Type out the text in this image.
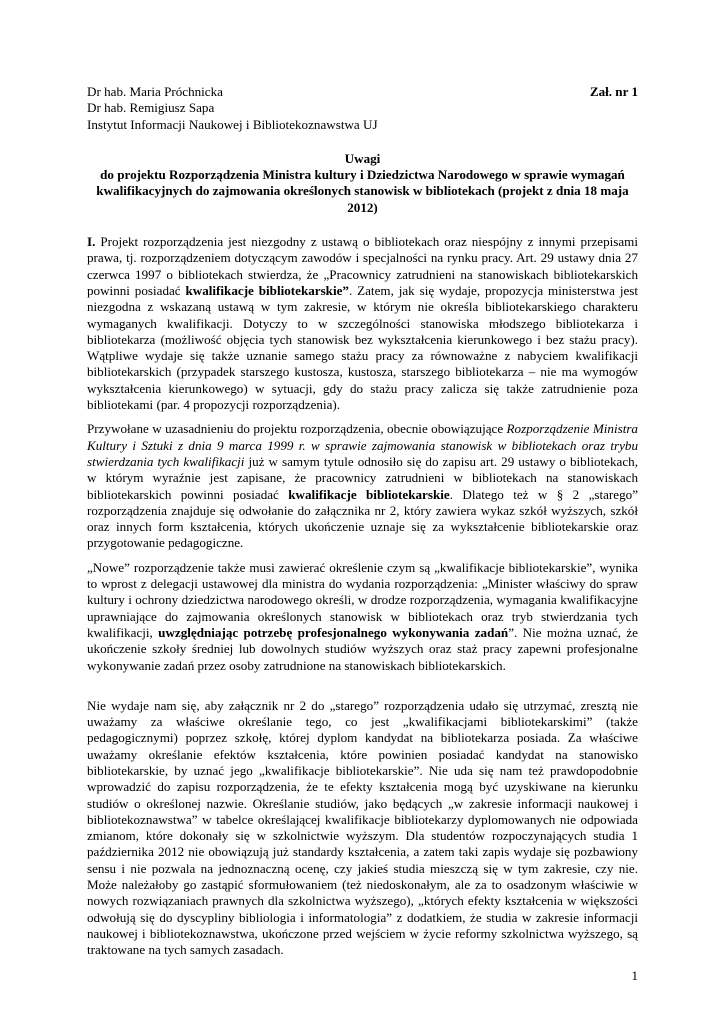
Dr hab. Maria Próchnicka
Dr hab. Remigiusz Sapa
Instytut Informacji Naukowej i Bibliotekoznawstwa UJ
Zał. nr 1
Uwagi
do projektu Rozporządzenia Ministra kultury i Dziedzictwa Narodowego w sprawie wymagań kwalifikacyjnych do zajmowania określonych stanowisk w bibliotekach (projekt z dnia 18 maja 2012)

I. Projekt rozporządzenia jest niezgodny z ustawą o bibliotekach oraz niespójny z innymi przepisami prawa, tj. rozporządzeniem dotyczącym zawodów i specjalności na rynku pracy. Art. 29 ustawy dnia 27 czerwca 1997 o bibliotekach stwierdza, że „Pracownicy zatrudnieni na stanowiskach bibliotekarskich powinni posiadać kwalifikacje bibliotekarskie”. Zatem, jak się wydaje, propozycja ministerstwa jest niezgodna z wskazaną ustawą w tym zakresie, w którym nie określa bibliotekarskiego charakteru wymaganych kwalifikacji. Dotyczy to w szczególności stanowiska młodszego bibliotekarza i bibliotekarza (możliwość objęcia tych stanowisk bez wykształcenia kierunkowego i bez stażu pracy). Wątpliwe wydaje się także uznanie samego stażu pracy za równoważne z nabyciem kwalifikacji bibliotekarskich (przypadek starszego kustosza, kustosza, starszego bibliotekarza – nie ma wymogów wykształcenia kierunkowego) w sytuacji, gdy do stażu pracy zalicza się także zatrudnienie poza bibliotekami (par. 4 propozycji rozporządzenia).

Przywołane w uzasadnieniu do projektu rozporządzenia, obecnie obowiązujące Rozporządzenie Ministra Kultury i Sztuki z dnia 9 marca 1999 r. w sprawie zajmowania stanowisk w bibliotekach oraz trybu stwierdzania tych kwalifikacji już w samym tytule odnosiło się do zapisu art. 29 ustawy o bibliotekach, w którym wyraźnie jest zapisane, że pracownicy zatrudnieni w bibliotekach na stanowiskach bibliotekarskich powinni posiadać kwalifikacje bibliotekarskie. Dlatego też w § 2 „starego” rozporządzenia znajduje się odwołanie do załącznika nr 2, który zawiera wykaz szkół wyższych, szkół oraz innych form kształcenia, których ukończenie uznaje się za wykształcenie bibliotekarskie oraz przygotowanie pedagogiczne.

„Nowe” rozporządzenie także musi zawierać określenie czym są „kwalifikacje bibliotekarskie”, wynika to wprost z delegacji ustawowej dla ministra do wydania rozporządzenia: „Minister właściwy do spraw kultury i ochrony dziedzictwa narodowego określi, w drodze rozporządzenia, wymagania kwalifikacyjne uprawniające do zajmowania określonych stanowisk w bibliotekach oraz tryb stwierdzania tych kwalifikacji, uwzględniając potrzebę profesjonalnego wykonywania zadań”. Nie można uznać, że ukończenie szkoły średniej lub dowolnych studiów wyższych oraz staż pracy zapewni profesjonalne wykonywanie zadań przez osoby zatrudnione na stanowiskach bibliotekarskich.

Nie wydaje nam się, aby załącznik nr 2 do „starego” rozporządzenia udało się utrzymać, zresztą nie uważamy za właściwe określanie tego, co jest „kwalifikacjami bibliotekarskimi” (także pedagogicznymi) poprzez szkołę, której dyplom kandydat na bibliotekarza posiada. Za właściwe uważamy określanie efektów kształcenia, które powinien posiadać kandydat na stanowisko bibliotekarskie, by uznać jego „kwalifikacje bibliotekarskie”. Nie uda się nam też prawdopodobnie wprowadzić do zapisu rozporządzenia, że te efekty kształcenia mogą być uzyskiwane na kierunku studiów o określonej nazwie. Określanie studiów, jako będących „w zakresie informacji naukowej i bibliotekoznawstwa” w tabelce określającej kwalifikacje bibliotekarzy dyplomowanych nie odpowiada zmianom, które dokonały się w szkolnictwie wyższym. Dla studentów rozpoczynających studia 1 października 2012 nie obowiązują już standardy kształcenia, a zatem taki zapis wydaje się pozbawiony sensu i nie pozwala na jednoznaczną ocenę, czy jakieś studia mieszczą się w tym zakresie, czy nie. Może należałoby go zastąpić sformułowaniem (też niedoskonałym, ale za to osadzonym właściwie w nowych rozwiązaniach prawnych dla szkolnictwa wyższego), „których efekty kształcenia w większości odwołują się do dyscypliny bibliologia i informatologia” z dodatkiem, że studia w zakresie informacji naukowej i bibliotekoznawstwa, ukończone przed wejściem w życie reformy szkolnictwa wyższego, są traktowane na tych samych zasadach.

1
